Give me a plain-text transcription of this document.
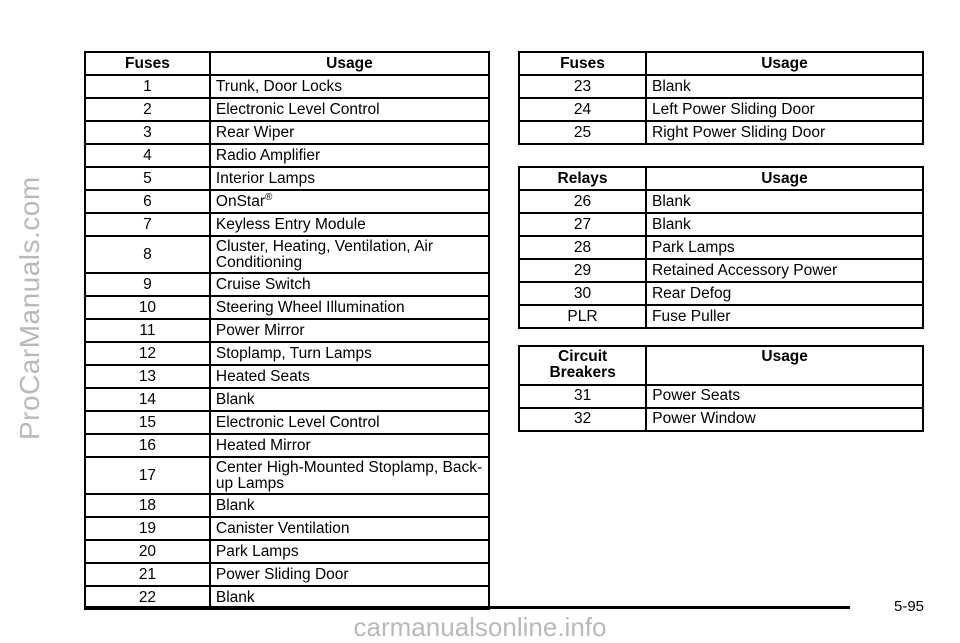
ProCarManuals.com
Fuses	Usage
1	Trunk, Door Locks
2	Electronic Level Control
3	Rear Wiper
4	Radio Amplifier
5	Interior Lamps
6	OnStar®
7	Keyless Entry Module
8	Cluster, Heating, Ventilation, Air Conditioning
9	Cruise Switch
10	Steering Wheel Illumination
11	Power Mirror
12	Stoplamp, Turn Lamps
13	Heated Seats
14	Blank
15	Electronic Level Control
16	Heated Mirror
17	Center High-Mounted Stoplamp, Back-up Lamps
18	Blank
19	Canister Ventilation
20	Park Lamps
21	Power Sliding Door
22	Blank
Fuses	Usage
23	Blank
24	Left Power Sliding Door
25	Right Power Sliding Door
Relays	Usage
26	Blank
27	Blank
28	Park Lamps
29	Retained Accessory Power
30	Rear Defog
PLR	Fuse Puller
Circuit Breakers	Usage
31	Power Seats
32	Power Window
5-95
carmanualsonline.info
